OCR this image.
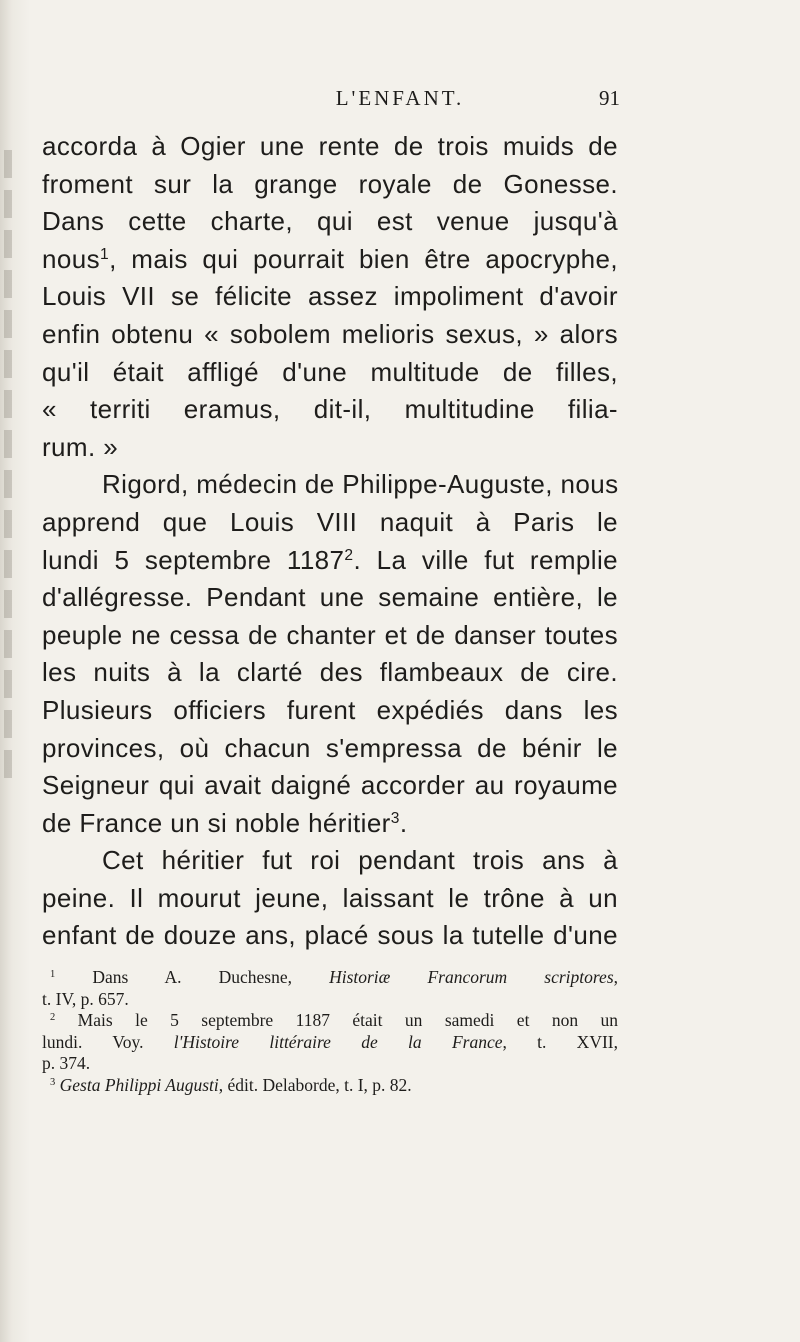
L'ENFANT.	91
accorda à Ogier une rente de trois muids de
froment sur la grange royale de Gonesse.
Dans cette charte, qui est venue jusqu'à
nous$^1$, mais qui pourrait bien être apocryphe,
Louis VII se félicite assez impoliment d'avoir
enfin obtenu « sobolem melioris sexus, » alors
qu'il était affligé d'une multitude de filles,
« territi eramus, dit-il, multitudine filia-
rum. »
Rigord, médecin de Philippe-Auguste, nous
apprend que Louis VIII naquit à Paris le
lundi 5 septembre 1187$^2$. La ville fut remplie
d'allégresse. Pendant une semaine entière, le
peuple ne cessa de chanter et de danser toutes
les nuits à la clarté des flambeaux de cire.
Plusieurs officiers furent expédiés dans les
provinces, où chacun s'empressa de bénir le
Seigneur qui avait daigné accorder au royaume
de France un si noble héritier$^3$.
Cet héritier fut roi pendant trois ans à
peine. Il mourut jeune, laissant le trône à un
enfant de douze ans, placé sous la tutelle d'une
$^1$ Dans A. Duchesne, Historiæ Francorum scriptores,
t. IV, p. 657.
$^2$ Mais le 5 septembre 1187 était un samedi et non un
lundi. Voy. l'Histoire littéraire de la France, t. XVII,
p. 374.
$^3$ Gesta Philippi Augusti, édit. Delaborde, t. I, p. 82.
